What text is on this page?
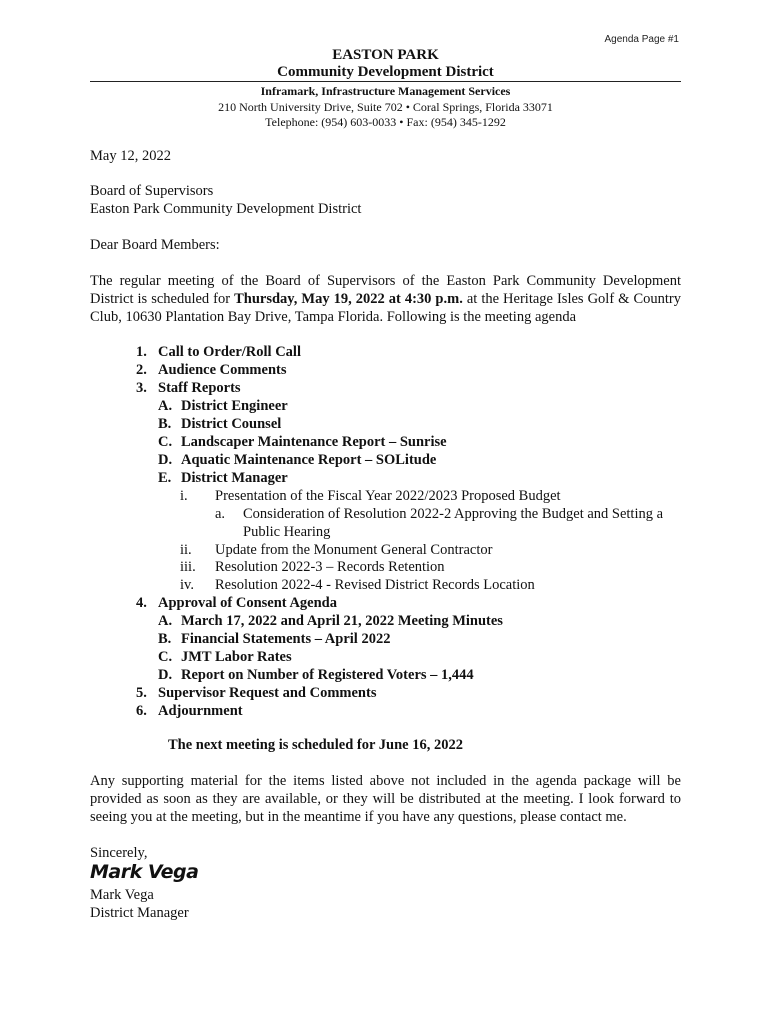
Agenda Page #1
EASTON PARK
Community Development District
Inframark, Infrastructure Management Services
210 North University Drive, Suite 702 • Coral Springs, Florida 33071
Telephone: (954) 603-0033 • Fax: (954) 345-1292
May 12, 2022
Board of Supervisors
Easton Park Community Development District
Dear Board Members:
The regular meeting of the Board of Supervisors of the Easton Park Community Development District is scheduled for Thursday, May 19, 2022 at 4:30 p.m. at the Heritage Isles Golf & Country Club, 10630 Plantation Bay Drive, Tampa Florida. Following is the meeting agenda
1. Call to Order/Roll Call
2. Audience Comments
3. Staff Reports
A. District Engineer
B. District Counsel
C. Landscaper Maintenance Report – Sunrise
D. Aquatic Maintenance Report – SOLitude
E. District Manager
i. Presentation of the Fiscal Year 2022/2023 Proposed Budget
a. Consideration of Resolution 2022-2 Approving the Budget and Setting a
Public Hearing
ii. Update from the Monument General Contractor
iii. Resolution 2022-3 – Records Retention
iv. Resolution 2022-4 - Revised District Records Location
4. Approval of Consent Agenda
A. March 17, 2022 and April 21, 2022 Meeting Minutes
B. Financial Statements – April 2022
C. JMT Labor Rates
D. Report on Number of Registered Voters – 1,444
5. Supervisor Request and Comments
6. Adjournment
The next meeting is scheduled for June 16, 2022
Any supporting material for the items listed above not included in the agenda package will be provided as soon as they are available, or they will be distributed at the meeting. I look forward to seeing you at the meeting, but in the meantime if you have any questions, please contact me.
Sincerely,
Mark Vega
Mark Vega
District Manager
